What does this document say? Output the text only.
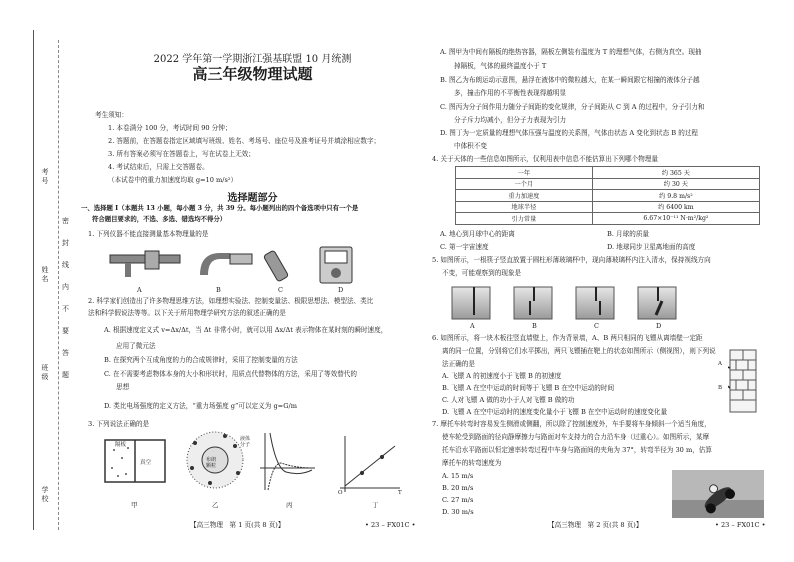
考号
姓名
班级
学校
密
封
线
内
不
要
答
题
2022 学年第一学期浙江强基联盟 10 月统测
高三年级物理试题
考生须知：
1. 本卷满分 100 分，考试时间 90 分钟；
2. 答题前，在答题卷指定区域填写班级、姓名、考场号、座位号及准考证号并填涂相应数字；
3. 所有答案必须写在答题卷上，写在试卷上无效；
4. 考试结束后，只需上交答题卷。
（本试卷中的重力加速度均取 g=10 m/s²）
选择题部分
一、选择题 Ⅰ（本题共 13 小题，每小题 3 分，共 39 分。每小题列出的四个备选项中只有一个是
符合题目要求的，不选、多选、错选均不得分）
1. 下列仪器不能直接测量基本物理量的是
A	B	C	D
2. 科学家们创造出了许多物理思维方法，如理想实验法、控制变量法、极限思想法、模型法、类比
法和科学假说法等等。以下关于所用物理学研究方法的叙述正确的是
A. 根据速度定义式 v=Δx/Δt，当 Δt 非常小时，就可以用 Δx/Δt 表示物体在某时刻的瞬时速度，
应用了微元法
B. 在探究两个互成角度的力的合成规律时，采用了控制变量的方法
C. 在不需要考虑物体本身的大小和形状时，用质点代替物体的方法，采用了等效替代的
思想
D. 类比电场强度的定义方法，“重力场强度 g”可以定义为 g=G/m
3. 下列说法正确的是
隔板
真空
液体分子
布朗颗粒
T
O
甲	乙	丙	丁
【高三物理　第 1 页(共 8 页)】	• 23 – FX01C •
A. 图甲为中间有隔板的绝热容器，隔板左侧装有温度为 T 的理想气体，右侧为真空。现抽
掉隔板，气体的最终温度小于 T
B. 图乙为布朗运动示意图，悬浮在液体中的微粒越大，在某一瞬间跟它相撞的液体分子越
多，撞击作用的不平衡性表现得越明显
C. 图丙为分子间作用力随分子间距的变化规律，分子间距从 C 到 A 的过程中，分子引力和
分子斥力均减小，但分子力表现为引力
D. 图丁为一定质量的理想气体压强与温度的关系图，气体由状态 A 变化到状态 B 的过程
中体积不变
4. 关于天体的一些信息如图所示，仅利用表中信息不能估算出下列哪个物理量
一年	约 365 天
一个月	约 30 天
重力加速度	约 9.8 m/s²
地球半径	约 6400 km
引力常量	6.67×10⁻¹¹ N·m²/kg²
A. 地心到月球中心的距离	B. 月球的质量
C. 第一宇宙速度	D. 地球同步卫星离地面的高度
5. 如图所示，一根筷子竖直放置于圆柱形薄玻璃杯中，现向薄玻璃杯内注入清水，保持视线方向
不变，可能观察到的现象是
A	B	C	D
6. 如图所示，将一块木板往竖直墙壁上，作为背景墙，A、B 两只相同的飞镖从离墙壁一定距
离的同一位置，分别将它们水平掷出，两只飞镖插在靶上的状态如图所示（侧视图），则下列说
法正确的是
A. 飞镖 A 的初速度小于飞镖 B 的初速度
B. 飞镖 A 在空中运动的时间等于飞镖 B 在空中运动的时间
C. 人对飞镖 A 做的功小于人对飞镖 B 做的功
D. 飞镖 A 在空中运动时的速度变化量小于飞镖 B 在空中运动时的速度变化量
A
B
7. 摩托车转弯时容易发生侧滑或侧翻，所以除了控制速度外，车手要将车身倾斜一个适当角度，
使车轮受到路面的径向静摩擦力与路面对车支持力的合力沿车身（过重心）。如图所示，某摩
托车沿水平路面以恒定速率转弯过程中车身与路面间的夹角为 37°，转弯半径为 30 m，估算
摩托车的转弯速度为
A. 15 m/s
B. 20 m/s
C. 27 m/s
D. 30 m/s
【高三物理　第 2 页(共 8 页)】	• 23 – FX01C •
